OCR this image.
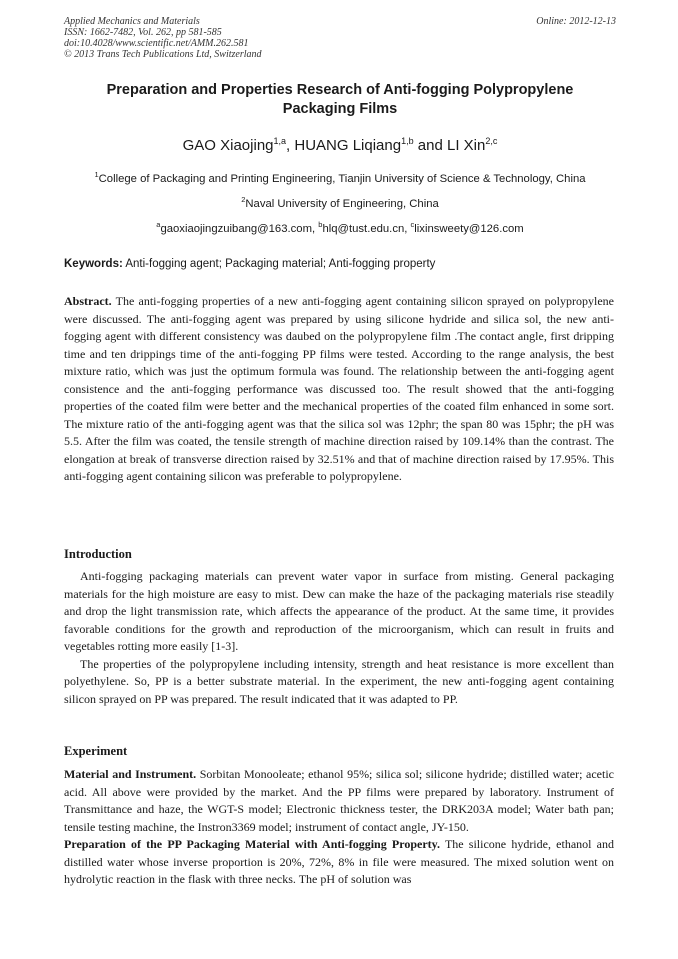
Applied Mechanics and Materials
ISSN: 1662-7482, Vol. 262, pp 581-585
doi:10.4028/www.scientific.net/AMM.262.581
© 2013 Trans Tech Publications Ltd, Switzerland
Online: 2012-12-13
Preparation and Properties Research of Anti-fogging Polypropylene
Packaging Films
GAO Xiaojing$^{1,a}$, HUANG Liqiang$^{1,b}$ and LI Xin$^{2,c}$
$^1$College of Packaging and Printing Engineering, Tianjin University of Science & Technology, China
$^2$Naval University of Engineering, China
$^a$gaoxiaojingzuibang@163.com, $^b$hlq@tust.edu.cn, $^c$lixinsweety@126.com
Keywords: Anti-fogging agent; Packaging material; Anti-fogging property

Abstract. The anti-fogging properties of a new anti-fogging agent containing silicon sprayed on polypropylene were discussed. The anti-fogging agent was prepared by using silicone hydride and silica sol, the new anti-fogging agent with different consistency was daubed on the polypropylene film .The contact angle, first dripping time and ten drippings time of the anti-fogging PP films were tested. According to the range analysis, the best mixture ratio, which was just the optimum formula was found. The relationship between the anti-fogging agent consistence and the anti-fogging performance was discussed too. The result showed that the anti-fogging properties of the coated film were better and the mechanical properties of the coated film enhanced in some sort. The mixture ratio of the anti-fogging agent was that the silica sol was 12phr; the span 80 was 15phr; the pH was 5.5. After the film was coated, the tensile strength of machine direction raised by 109.14% than the contrast. The elongation at break of transverse direction raised by 32.51% and that of machine direction raised by 17.95%. This anti-fogging agent containing silicon was preferable to polypropylene.

Introduction

Anti-fogging packaging materials can prevent water vapor in surface from misting. General packaging materials for the high moisture are easy to mist. Dew can make the haze of the packaging materials rise steadily and drop the light transmission rate, which affects the appearance of the product. At the same time, it provides favorable conditions for the growth and reproduction of the microorganism, which can result in fruits and vegetables rotting more easily [1-3].

The properties of the polypropylene including intensity, strength and heat resistance is more excellent than polyethylene. So, PP is a better substrate material. In the experiment, the new anti-fogging agent containing silicon sprayed on PP was prepared. The result indicated that it was adapted to PP.

Experiment

Material and Instrument. Sorbitan Monooleate; ethanol 95%; silica sol; silicone hydride; distilled water; acetic acid. All above were provided by the market. And the PP films were prepared by laboratory. Instrument of Transmittance and haze, the WGT-S model; Electronic thickness tester, the DRK203A model; Water bath pan; tensile testing machine, the Instron3369 model; instrument of contact angle, JY-150.

Preparation of the PP Packaging Material with Anti-fogging Property. The silicone hydride, ethanol and distilled water whose inverse proportion is 20%, 72%, 8% in file were measured. The mixed solution went on hydrolytic reaction in the flask with three necks. The pH of solution was
